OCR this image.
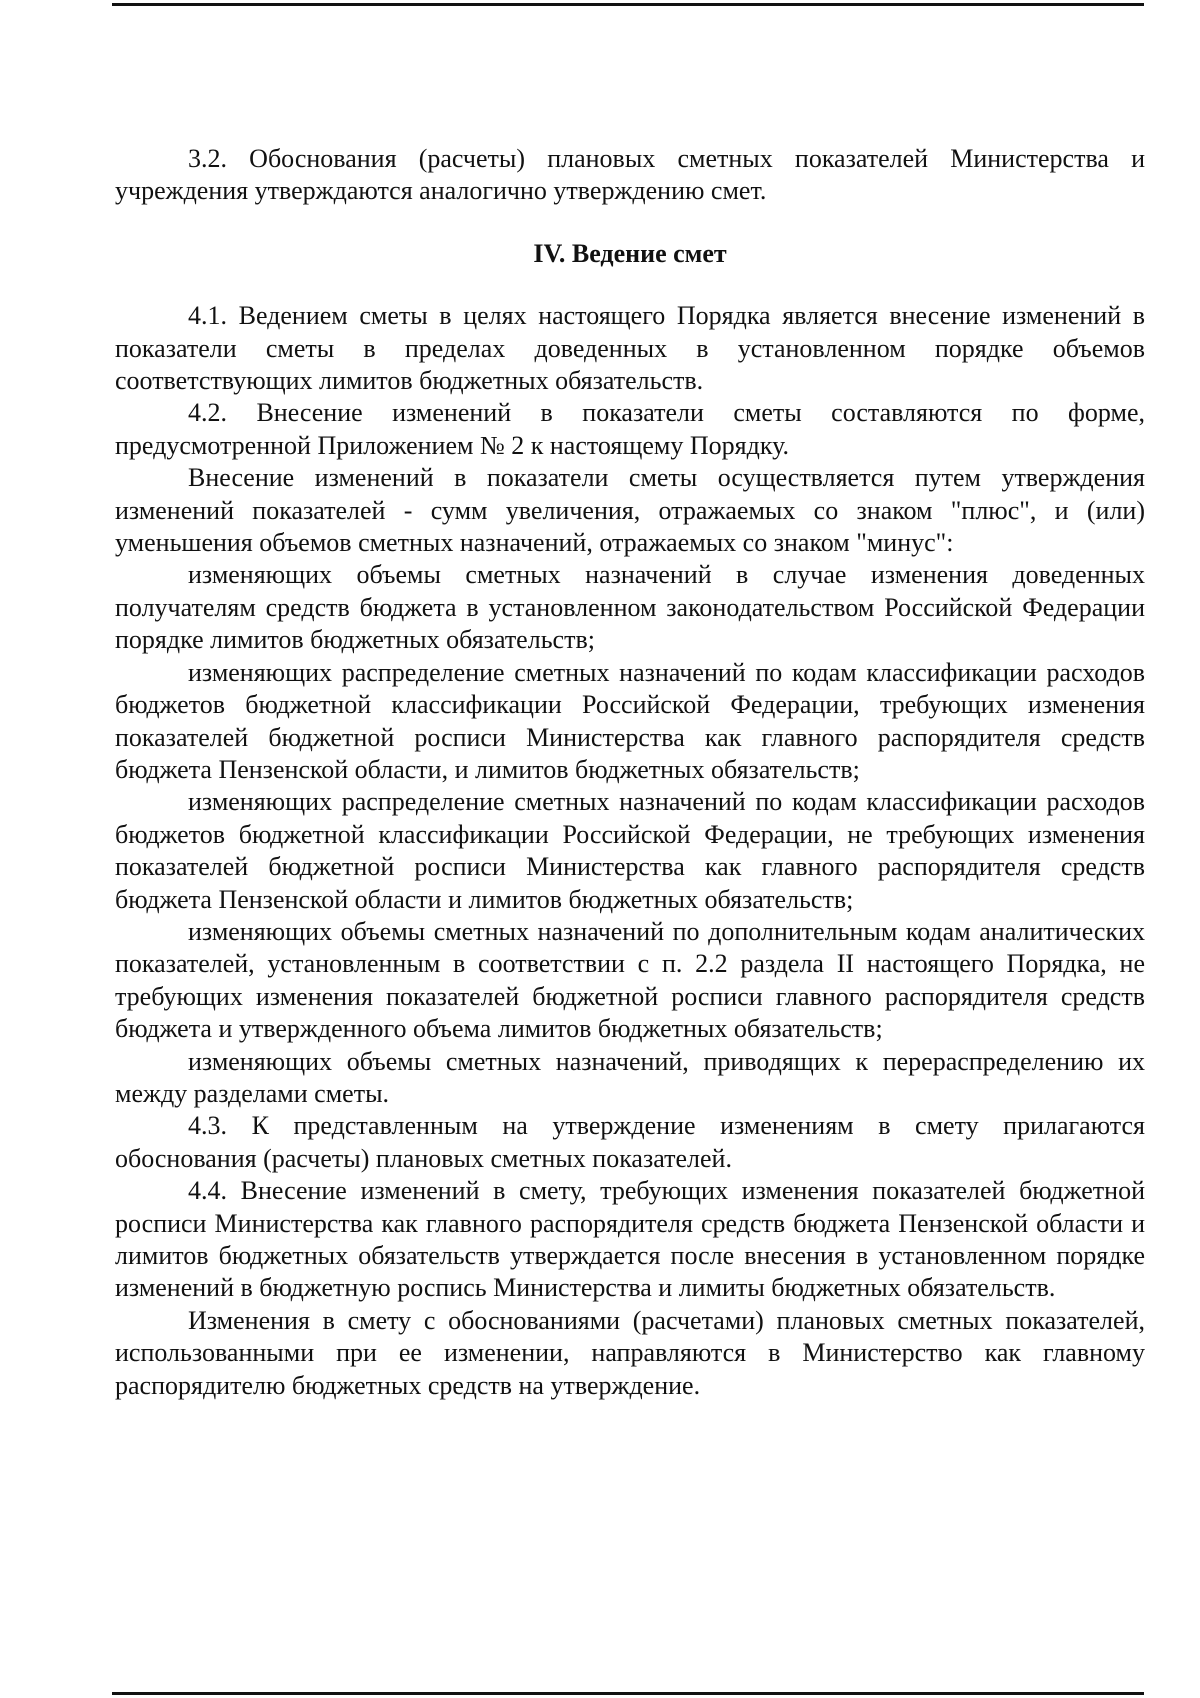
3.2. Обоснования (расчеты) плановых сметных показателей Министерства и учреждения утверждаются аналогично утверждению смет.

IV. Ведение смет

4.1. Ведением сметы в целях настоящего Порядка является внесение изменений в показатели сметы в пределах доведенных в установленном порядке объемов соответствующих лимитов бюджетных обязательств.

4.2. Внесение изменений в показатели сметы составляются по форме, предусмотренной Приложением № 2 к настоящему Порядку.

Внесение изменений в показатели сметы осуществляется путем утверждения изменений показателей - сумм увеличения, отражаемых со знаком "плюс", и (или) уменьшения объемов сметных назначений, отражаемых со знаком "минус":

изменяющих объемы сметных назначений в случае изменения доведенных получателям средств бюджета в установленном законодательством Российской Федерации порядке лимитов бюджетных обязательств;

изменяющих распределение сметных назначений по кодам классификации расходов бюджетов бюджетной классификации Российской Федерации, требующих изменения показателей бюджетной росписи Министерства как главного распорядителя средств бюджета Пензенской области, и лимитов бюджетных обязательств;

изменяющих распределение сметных назначений по кодам классификации расходов бюджетов бюджетной классификации Российской Федерации, не требующих изменения показателей бюджетной росписи Министерства как главного распорядителя средств бюджета Пензенской области и лимитов бюджетных обязательств;

изменяющих объемы сметных назначений по дополнительным кодам аналитических показателей, установленным в соответствии с п. 2.2 раздела II настоящего Порядка, не требующих изменения показателей бюджетной росписи главного распорядителя средств бюджета и утвержденного объема лимитов бюджетных обязательств;

изменяющих объемы сметных назначений, приводящих к перераспределению их между разделами сметы.

4.3. К представленным на утверждение изменениям в смету прилагаются обоснования (расчеты) плановых сметных показателей.

4.4. Внесение изменений в смету, требующих изменения показателей бюджетной росписи Министерства как главного распорядителя средств бюджета Пензенской области и лимитов бюджетных обязательств утверждается после внесения в установленном порядке изменений в бюджетную роспись Министерства и лимиты бюджетных обязательств.

Изменения в смету с обоснованиями (расчетами) плановых сметных показателей, использованными при ее изменении, направляются в Министерство как главному распорядителю бюджетных средств на утверждение.
